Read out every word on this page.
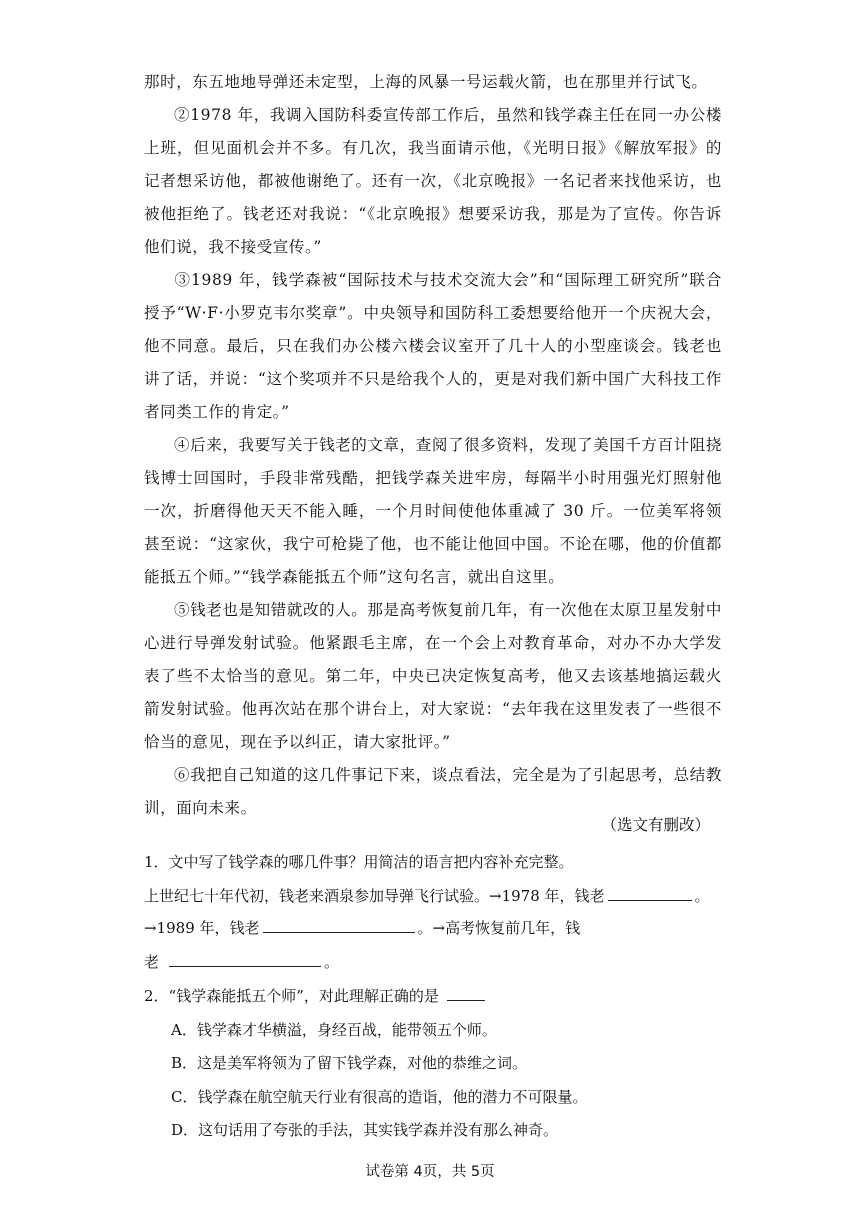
那时，东五地地导弹还未定型，上海的风暴一号运载火箭，也在那里并行试飞。

②1978 年，我调入国防科委宣传部工作后，虽然和钱学森主任在同一办公楼上班，但见面机会并不多。有几次，我当面请示他，《光明日报》《解放军报》的记者想采访他，都被他谢绝了。还有一次，《北京晚报》一名记者来找他采访，也被他拒绝了。钱老还对我说：“《北京晚报》想要采访我，那是为了宣传。你告诉他们说，我不接受宣传。”

③1989 年，钱学森被“国际技术与技术交流大会”和“国际理工研究所”联合授予“W·F·小罗克韦尔奖章”。中央领导和国防科工委想要给他开一个庆祝大会，他不同意。最后，只在我们办公楼六楼会议室开了几十人的小型座谈会。钱老也讲了话，并说：“这个奖项并不只是给我个人的，更是对我们新中国广大科技工作者同类工作的肯定。”

④后来，我要写关于钱老的文章，查阅了很多资料，发现了美国千方百计阻挠钱博士回国时，手段非常残酷，把钱学森关进牢房，每隔半小时用强光灯照射他一次，折磨得他天天不能入睡，一个月时间使他体重减了 30 斤。一位美军将领甚至说：“这家伙，我宁可枪毙了他，也不能让他回中国。不论在哪，他的价值都能抵五个师。”“钱学森能抵五个师”这句名言，就出自这里。

⑤钱老也是知错就改的人。那是高考恢复前几年，有一次他在太原卫星发射中心进行导弹发射试验。他紧跟毛主席，在一个会上对教育革命，对办不办大学发表了些不太恰当的意见。第二年，中央已决定恢复高考，他又去该基地搞运载火箭发射试验。他再次站在那个讲台上，对大家说：“去年我在这里发表了一些很不恰当的意见，现在予以纠正，请大家批评。”

⑥我把自己知道的这几件事记下来，谈点看法，完全是为了引起思考，总结教训，面向未来。

（选文有删改）
1．文中写了钱学森的哪几件事？用简洁的语言把内容补充完整。
上世纪七十年代初，钱老来酒泉参加导弹飞行试验。→1978 年，钱老	。
→1989 年，钱老	。→高考恢复前几年，钱
老	。
2．“钱学森能抵五个师”，对此理解正确的是
A．钱学森才华横溢，身经百战，能带领五个师。
B．这是美军将领为了留下钱学森，对他的恭维之词。
C．钱学森在航空航天行业有很高的造诣，他的潜力不可限量。
D．这句话用了夸张的手法，其实钱学森并没有那么神奇。
试卷第 4页，共 5页
